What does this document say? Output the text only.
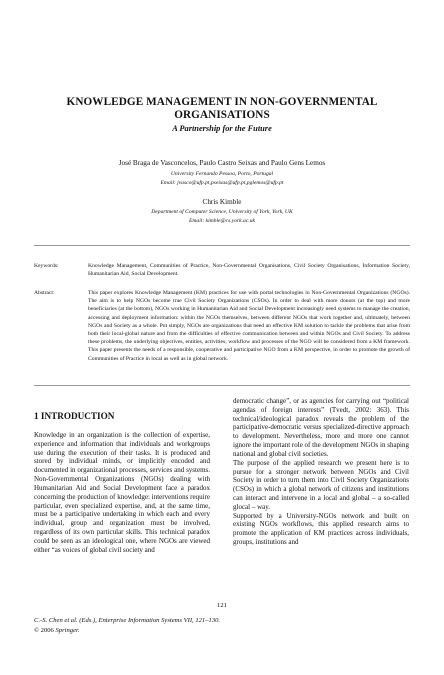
KNOWLEDGE MANAGEMENT IN NON-GOVERNMENTAL
ORGANISATIONS
A Partnership for the Future
José Braga de Vasconcelos, Paulo Castro Seixas and Paulo Gens Lemos
University Fernando Pessoa, Porto, Portugal
Email: jvasco@ufp.pt,pseixas@ufp.pt,pglemos@ufp.pt
Chris Kimble
Department of Computer Science, University of York, York, UK
Email: kimble@cs.york.ac.uk
Keywords:	Knowledge Management, Communities of Practice, Non-Governmental Organisations, Civil Society Organisations, Information Society, Humanitarian Aid, Social Development.
Abstract:	This paper explores Knowledge Management (KM) practices for use with portal technologies in Non-Governmental Organizations (NGOs). The aim is to help NGOs become true Civil Society Organizations (CSOs). In order to deal with more donors (at the top) and more beneficiaries (at the bottom), NGOs working in Humanitarian Aid and Social Development increasingly need systems to manage the creation, accessing and deployment information: within the NGOs themselves, between different NGOs that work together and, ultimately, between NGOs and Society as a whole. Put simply, NGOs are organizations that need an effective KM solution to tackle the problems that arise from both their local-global nature and from the difficulties of effective communication between and within NGOs and Civil Society. To address these problems, the underlying objectives, entities, activities, workflow and processes of the NGO will be considered from a KM framework. This paper presents the needs of a responsible, cooperative and participative NGO from a KM perspective, in order to promote the growth of Communities of Practice in local as well as in global network.
1 INTRODUCTION

Knowledge in an organization is the collection of expertise, experience and information that individuals and workgroups use during the execution of their tasks. It is produced and stored by individual minds, or implicitly encoded and documented in organizational processes, services and systems. Non-Governmental Organizations (NGOs) dealing with Humanitarian Aid and Social Development face a paradox concerning the production of knowledge: interventions require particular, even specialized expertise, and, at the same time, must be a participative undertaking in which each and every individual, group and organization must be involved, regardless of its own particular skills. This technical paradox could be seen as an ideological one, where NGOs are viewed either “as voices of global civil society and

democratic change”, or as agencies for carrying out “political agendas of foreign interests” (Tvedt, 2002: 363). This technical/ideological paradox reveals the problem of the participative-democratic versus specialized-directive approach to development. Nevertheless, more and more one cannot ignore the important role of the development NGOs in shaping national and global civil societies.

The purpose of the applied research we present here is to pursue for a stronger network between NGOs and Civil Society in order to turn them into Civil Society Organizations (CSOs) in which a global network of citizens and institutions can interact and intervene in a local and global – a so-called glocal – way.

Supported by a University-NGOs network and built on existing NGOs workflows, this applied research aims to promote the application of KM practices across individuals, groups, institutions and

121
C.-S. Chen et al. (Eds.), Enterprise Information Systems VII, 121–130.
© 2006 Springer.
